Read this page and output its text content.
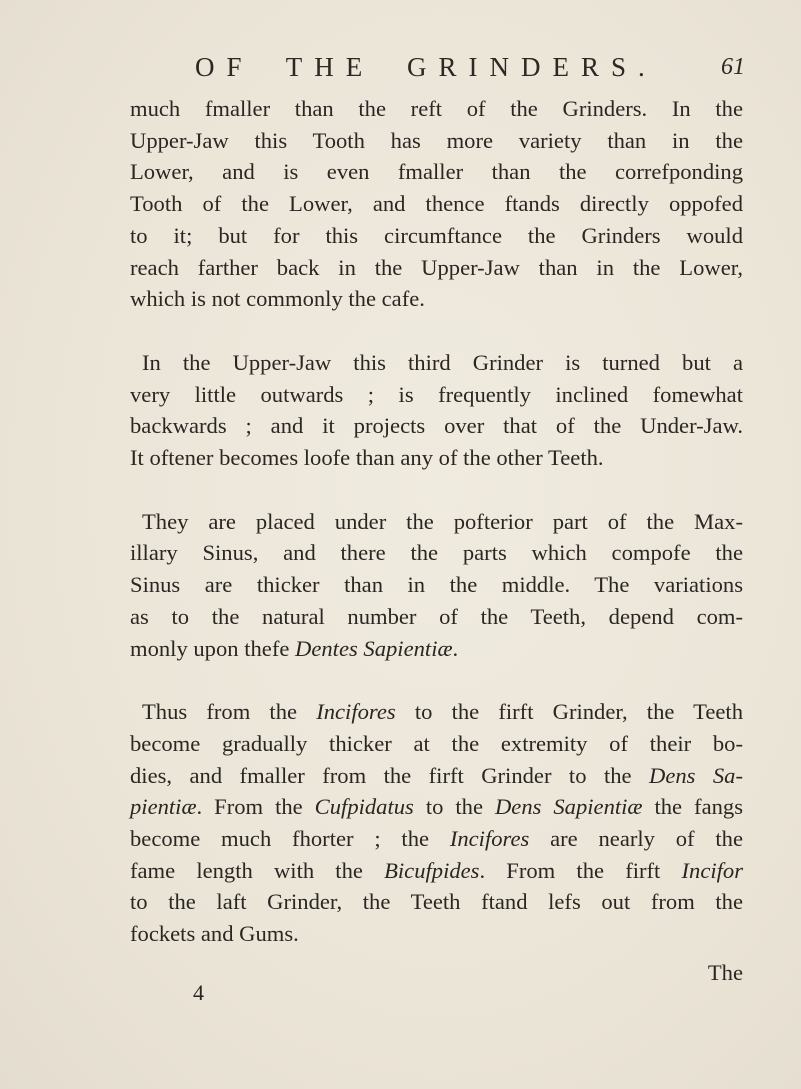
OF THE GRINDERS.	61
much fmaller than the reft of the Grinders. In the
Upper-Jaw this Tooth has more variety than in the
Lower, and is even fmaller than the correfponding
Tooth of the Lower, and thence ftands directly oppofed
to it; but for this circumftance the Grinders would
reach farther back in the Upper-Jaw than in the Lower,
which is not commonly the cafe.
In the Upper-Jaw this third Grinder is turned but a
very little outwards ; is frequently inclined fomewhat
backwards ; and it projects over that of the Under-Jaw.
It oftener becomes loofe than any of the other Teeth.
They are placed under the pofterior part of the Max-
illary Sinus, and there the parts which compofe the
Sinus are thicker than in the middle. The variations
as to the natural number of the Teeth, depend com-
monly upon thefe Dentes Sapientiæ.
Thus from the Incifores to the firft Grinder, the Teeth
become gradually thicker at the extremity of their bo-
dies, and fmaller from the firft Grinder to the Dens Sa-
pientiæ. From the Cufpidatus to the Dens Sapientiæ the fangs
become much fhorter ; the Incifores are nearly of the
fame length with the Bicufpides. From the firft Incifor
to the laft Grinder, the Teeth ftand lefs out from the
fockets and Gums.
4
The
